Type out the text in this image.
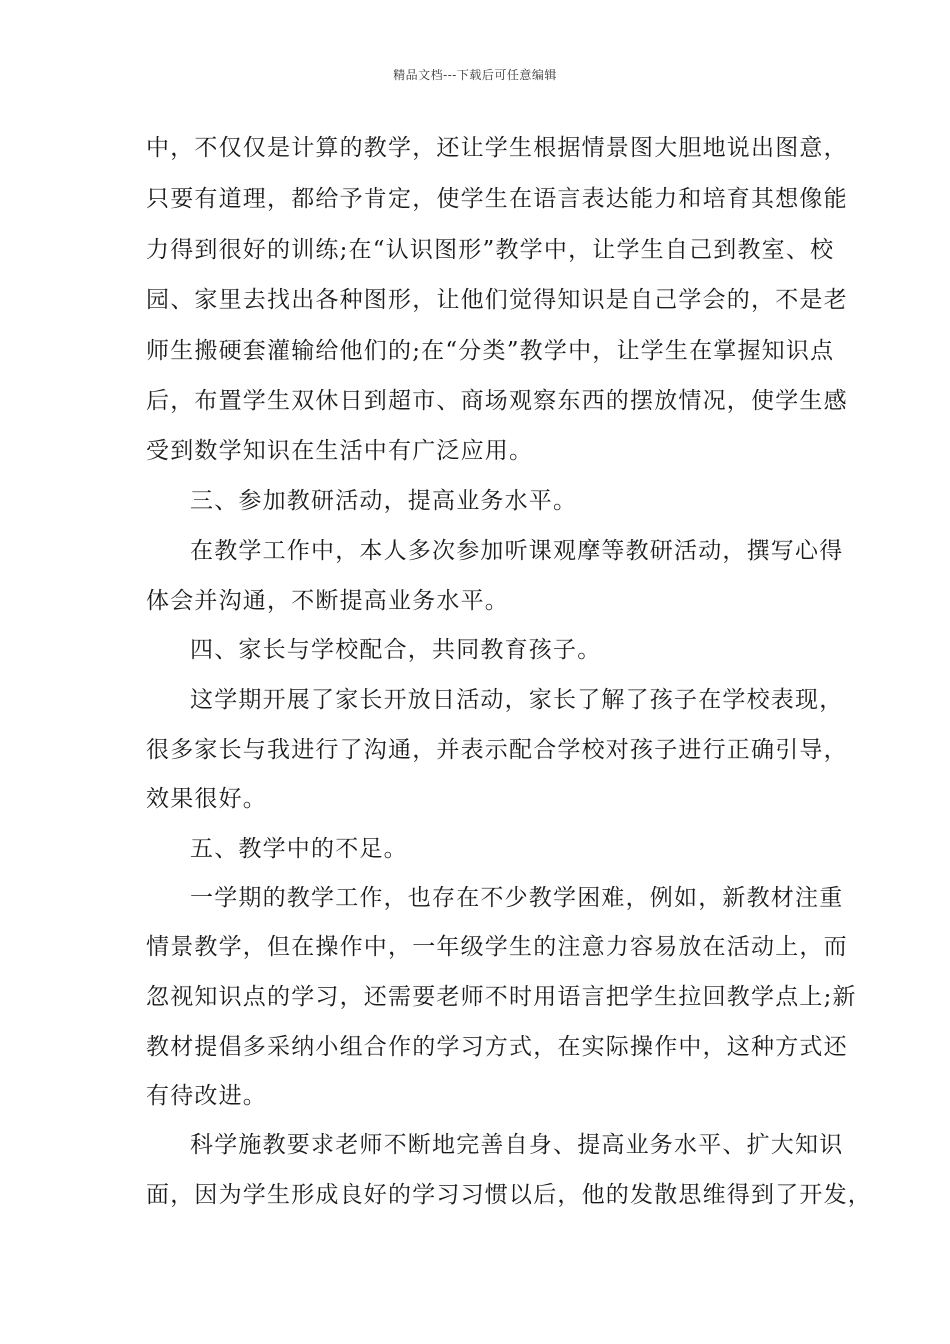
精品文档---下载后可任意编辑
中，不仅仅是计算的教学，还让学生根据情景图大胆地说出图意，
只要有道理，都给予肯定，使学生在语言表达能力和培育其想像能
力得到很好的训练;在“认识图形”教学中，让学生自己到教室、校
园、家里去找出各种图形，让他们觉得知识是自己学会的，不是老
师生搬硬套灌输给他们的;在“分类”教学中，让学生在掌握知识点
后，布置学生双休日到超市、商场观察东西的摆放情况，使学生感
受到数学知识在生活中有广泛应用。
三、参加教研活动，提高业务水平。
在教学工作中，本人多次参加听课观摩等教研活动，撰写心得
体会并沟通，不断提高业务水平。
四、家长与学校配合，共同教育孩子。
这学期开展了家长开放日活动，家长了解了孩子在学校表现，
很多家长与我进行了沟通，并表示配合学校对孩子进行正确引导，
效果很好。
五、教学中的不足。
一学期的教学工作，也存在不少教学困难，例如，新教材注重
情景教学，但在操作中，一年级学生的注意力容易放在活动上，而
忽视知识点的学习，还需要老师不时用语言把学生拉回教学点上;新
教材提倡多采纳小组合作的学习方式，在实际操作中，这种方式还
有待改进。
科学施教要求老师不断地完善自身、提高业务水平、扩大知识
面，因为学生形成良好的学习习惯以后，他的发散思维得到了开发，
